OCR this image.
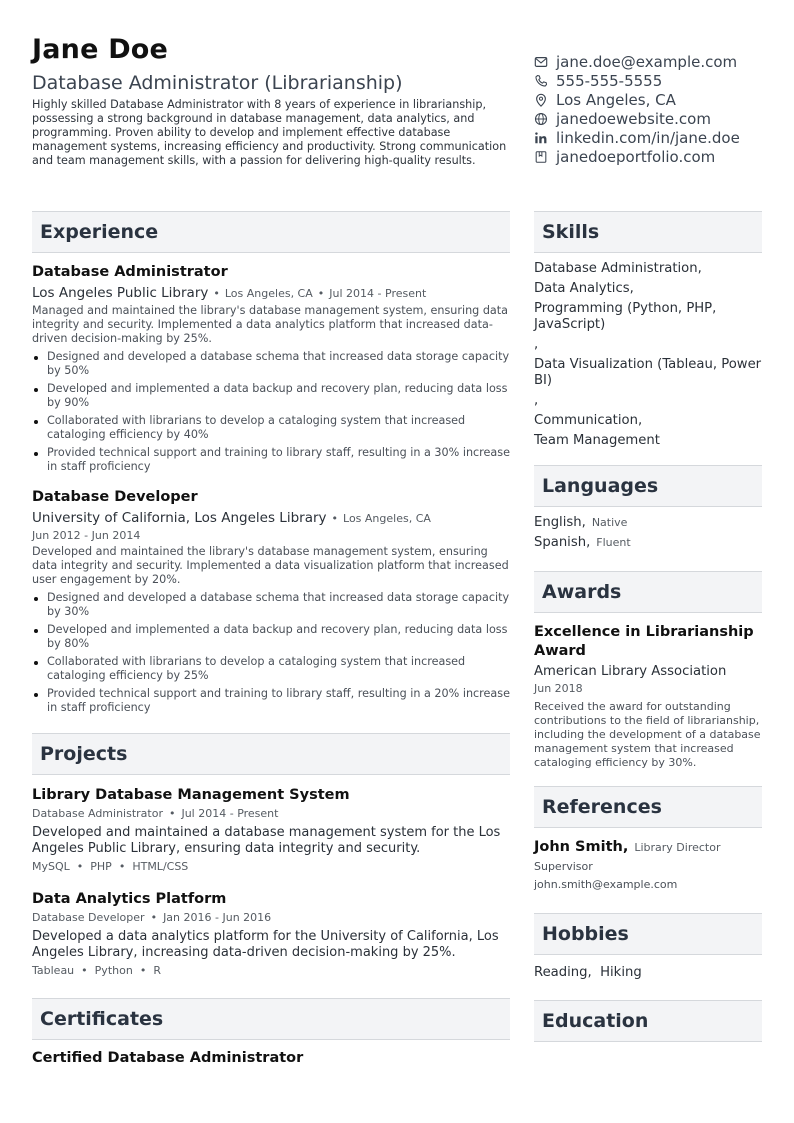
Jane Doe
Database Administrator (Librarianship)
Highly skilled Database Administrator with 8 years of experience in librarianship, possessing a strong background in database management, data analytics, and programming. Proven ability to develop and implement effective database management systems, increasing efficiency and productivity. Strong communication and team management skills, with a passion for delivering high-quality results.
jane.doe@example.com
555-555-5555
Los Angeles, CA
janedoewebsite.com
linkedin.com/in/jane.doe
janedoeportfolio.com
Experience
Database Administrator
Los Angeles Public Library • Los Angeles, CA • Jul 2014 - Present
Managed and maintained the library's database management system, ensuring data integrity and security. Implemented a data analytics platform that increased data-driven decision-making by 25%.
Designed and developed a database schema that increased data storage capacity by 50%
Developed and implemented a data backup and recovery plan, reducing data loss by 90%
Collaborated with librarians to develop a cataloging system that increased cataloging efficiency by 40%
Provided technical support and training to library staff, resulting in a 30% increase in staff proficiency
Database Developer
University of California, Los Angeles Library • Los Angeles, CA
Jun 2012 - Jun 2014
Developed and maintained the library's database management system, ensuring data integrity and security. Implemented a data visualization platform that increased user engagement by 20%.
Designed and developed a database schema that increased data storage capacity by 30%
Developed and implemented a data backup and recovery plan, reducing data loss by 80%
Collaborated with librarians to develop a cataloging system that increased cataloging efficiency by 25%
Provided technical support and training to library staff, resulting in a 20% increase in staff proficiency
Projects
Library Database Management System
Database Administrator • Jul 2014 - Present
Developed and maintained a database management system for the Los Angeles Public Library, ensuring data integrity and security.
MySQL • PHP • HTML/CSS
Data Analytics Platform
Database Developer • Jan 2016 - Jun 2016
Developed a data analytics platform for the University of California, Los Angeles Library, increasing data-driven decision-making by 25%.
Tableau • Python • R
Certificates
Certified Database Administrator
Skills
Database Administration,
Data Analytics,
Programming (Python, PHP, JavaScript)
,
Data Visualization (Tableau, Power BI)
,
Communication,
Team Management
Languages
English, Native
Spanish, Fluent
Awards
Excellence in Librarianship Award
American Library Association
Jun 2018
Received the award for outstanding contributions to the field of librarianship, including the development of a database management system that increased cataloging efficiency by 30%.
References
John Smith, Library Director
Supervisor
john.smith@example.com
Hobbies
Reading,  Hiking
Education
